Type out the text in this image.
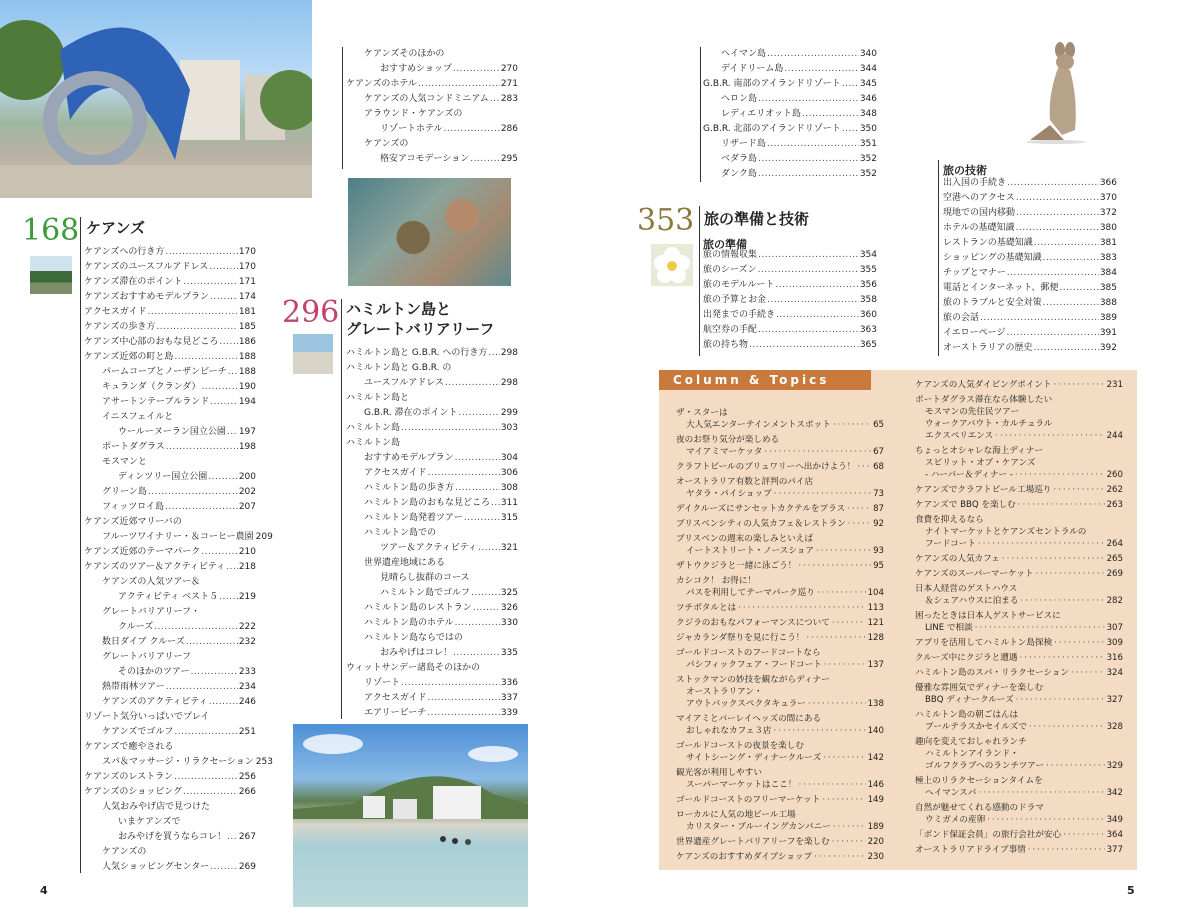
168 ケアンズ
ケアンズへの行き方 .....	170
ケアンズのユースフルアドレス .....	170
ケアンズ滞在のポイント .....	171
ケアンズおすすめモデルプラン .....	174
アクセスガイド .....	181
ケアンズの歩き方 .....	185
ケアンズ中心部のおもな見どころ ..... 186
ケアンズ近郊の町と島 .....	188
パームコーブとノーザンビーチ ..... 188
キュランダ（クランダ） .....	190
アサートンテーブルランド .....	194
イニスフェイルと
ウールーヌーラン国立公園 ..... 197
ポートダグラス .....	198
モスマンと
ディンツリー国立公園 .....	200
グリーン島 .....	202
フィッツロイ島 .....	207
ケアンズ近郊マリーバの
フルーツワイナリー・＆コーヒー農園 209
ケアンズ近郊のテーマパーク .....	210
ケアンズのツアー＆アクティビティ ..... 218
ケアンズの人気ツアー＆
アクティビティ ベスト５ ..... 219
グレートバリアリーフ・
クルーズ .....	222
数日ダイブ クルーズ .....	232
グレートバリアリーフ
そのほかのツアー .....	233
熱帯雨林ツアー .....	234
ケアンズのアクティビティ .....	246
リゾート気分いっぱいでプレイ
ケアンズでゴルフ .....	251
ケアンズで癒やされる
スパ＆マッサージ・リラクセーション 253
ケアンズのレストラン .....	256
ケアンズのショッピング .....	266
人気おみやげ店で見つけた
いまケアンズで
おみやげを買うならコレ！ ..... 267
ケアンズの
人気ショッピングセンター .....	269
ケアンズそのほかの
おすすめショップ .....	270
ケアンズのホテル .....	271
ケアンズの人気コンドミニアム ..... 283
アラウンド・ケアンズの
リゾートホテル .....	286
ケアンズの
格安アコモデーション .....	295
296 ハミルトン島と
グレートバリアリーフ
ハミルトン島と G.B.R. への行き方 ..... 298
ハミルトン島と G.B.R. の
ユースフルアドレス .....	298
ハミルトン島と
G.B.R. 滞在のポイント .....	299
ハミルトン島 .....	303
ハミルトン島
おすすめモデルプラン .....	304
アクセスガイド .....	306
ハミルトン島の歩き方 .....	308
ハミルトン島のおもな見どころ ..... 311
ハミルトン島発着ツアー .....	315
ハミルトン島での
ツアー＆アクティビティ .....	321
世界遺産地域にある
見晴らし抜群のコース
ハミルトン島でゴルフ .....	325
ハミルトン島のレストラン .....	326
ハミルトン島のホテル .....	330
ハミルトン島ならではの
おみやげはコレ！ .....	335
ウィットサンデー諸島そのほかの
リゾート .....	336
アクセスガイド .....	337
エアリービーチ .....	339
ヘイマン島 .....	340
デイドリーム島 .....	344
G.B.R. 南部のアイランドリゾート ..... 345
ヘロン島 .....	346
レディエリオット島 .....	348
G.B.R. 北部のアイランドリゾート ..... 350
リザード島 .....	351
ベダラ島 .....	352
ダンク島 .....	352
353 旅の準備と技術
旅の準備
旅の情報収集 .....	354
旅のシーズン .....	355
旅のモデルルート .....	356
旅の予算とお金 .....	358
出発までの手続き .....	360
航空券の手配 .....	363
旅の持ち物 .....	365
旅の技術
出入国の手続き .....	366
空港へのアクセス .....	370
現地での国内移動 .....	372
ホテルの基礎知識 .....	380
レストランの基礎知識 .....	381
ショッピングの基礎知識 .....	383
チップとマナー .....	384
電話とインターネット、郵便 .....	385
旅のトラブルと安全対策 .....	388
旅の会話 .....	389
イエローページ .....	391
オーストラリアの歴史 .....	392
Column & Topics
ザ・スターは
大人気エンターテインメントスポット ·····	65
夜のお祭り気分が楽しめる
マイアミマーケッタ ·····	67
クラフトビールのブリュワリーへ出かけよう！ ····· 68
オーストラリア有数と評判のパイ店
ヤタラ・パイショップ ·····	73
デイクルーズにサンセットカクテルをプラス ·····	87
ブリスベンシティの人気カフェ＆レストラン ·····	92
ブリスベンの週末の楽しみといえば
イートストリート・ノースショア ·····	93
ザトウクジラと一緒に泳ごう！ ·····	95
カシコク！ お得に！
パスを利用してテーマパーク巡り ·····	104
ツチボタルとは ·····	113
クジラのおもなパフォーマンスについて ·····	121
ジャカランダ祭りを見に行こう！ ·····	128
ゴールドコーストのフードコートなら
パシフィックフェア・フードコート ·····	137
ストックマンの妙技を観ながらディナー
オーストラリアン・
アウトバックスペクタキュラー ·····	138
マイアミとバーレイヘッズの間にある
おしゃれなカフェ３店 ·····	140
ゴールドコーストの夜景を楽しむ
サイトシーング・ディナークルーズ ·····	142
観光客が利用しやすい
スーパーマーケットはここ！ ·····	146
ゴールドコーストのフリーマーケット ·····	149
ローカルに人気の地ビール工場
カリスター・ブルーイングカンパニー ·····	189
世界遺産グレートバリアリーフを楽しむ ·····	220
ケアンズのおすすめダイブショップ ·····	230
ケアンズの人気ダイビングポイント ·····	231
ポートダグラス滞在なら体験したい
モスマンの先住民ツアー
ウォークアバウト・カルチュラル
エクスペリエンス ·····	244
ちょっとオシャレな海上ディナー
スピリット・オブ・ケアンズ
- ハーバー＆ディナー - ·····	260
ケアンズでクラフトビール工場巡り ·····	262
ケアンズで BBQ を楽しむ ·····	263
食費を抑えるなら
ナイトマーケットとケアンズセントラルの
フードコート ·····	264
ケアンズの人気カフェ ·····	265
ケアンズのスーパーマーケット ·····	269
日本人経営のゲストハウス
＆シェアハウスに泊まる ·····	282
困ったときは日本人ゲストサービスに
LINE で相談 ·····	307
アプリを活用してハミルトン島探検 ·····	309
クルーズ中にクジラと遭遇 ·····	316
ハミルトン島のスパ・リラクセーション ·····	324
優雅な雰囲気でディナーを楽しむ
BBQ ディナークルーズ ·····	327
ハミルトン島の朝ごはんは
プールテラスかセイルズで ·····	328
趣向を変えておしゃれランチ
ハミルトンアイランド・
ゴルフクラブへのランチツアー ·····	329
極上のリラクセーションタイムを
ヘイマンスパ ·····	342
自然が魅せてくれる感動のドラマ
ウミガメの産卵 ·····	349
「ボンド保証会員」の旅行会社が安心 ·····	364
オーストラリアドライブ事情 ·····	377
4	5
